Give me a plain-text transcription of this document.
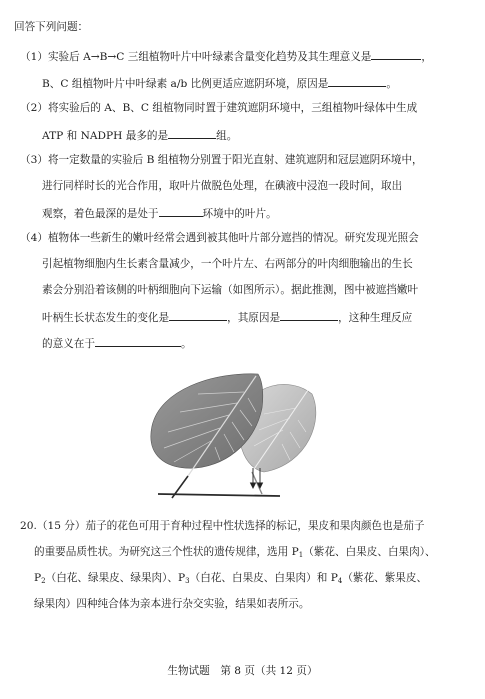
回答下列问题：
（1）实验后 A→B→C 三组植物叶片中叶绿素含量变化趋势及其生理意义是	，
B、C 组植物叶片中叶绿素 a/b 比例更适应遮阴环境，原因是	。
（2）将实验后的 A、B、C 组植物同时置于建筑遮阴环境中，三组植物叶绿体中生成
ATP 和 NADPH 最多的是	组。
（3）将一定数量的实验后 B 组植物分别置于阳光直射、建筑遮阴和冠层遮阴环境中，
进行同样时长的光合作用，取叶片做脱色处理，在碘液中浸泡一段时间，取出
观察，着色最深的是处于	环境中的叶片。
（4）植物体一些新生的嫩叶经常会遇到被其他叶片部分遮挡的情况。研究发现光照会
引起植物细胞内生长素含量减少，一个叶片左、右两部分的叶肉细胞输出的生长
素会分别沿着该侧的叶柄细胞向下运输（如图所示）。据此推测，图中被遮挡嫩叶
叶柄生长状态发生的变化是	，其原因是	，这种生理反应
的意义在于	。
20.（15 分）茄子的花色可用于育种过程中性状选择的标记，果皮和果肉颜色也是茄子
的重要品质性状。为研究这三个性状的遗传规律，选用 $P_1$（紫花、白果皮、白果肉）、
$P_2$（白花、绿果皮、绿果肉）、$P_3$（白花、白果皮、白果肉）和 $P_4$（紫花、紫果皮、
绿果肉）四种纯合体为亲本进行杂交实验，结果如表所示。
生物试题　第 8 页（共 12 页）
